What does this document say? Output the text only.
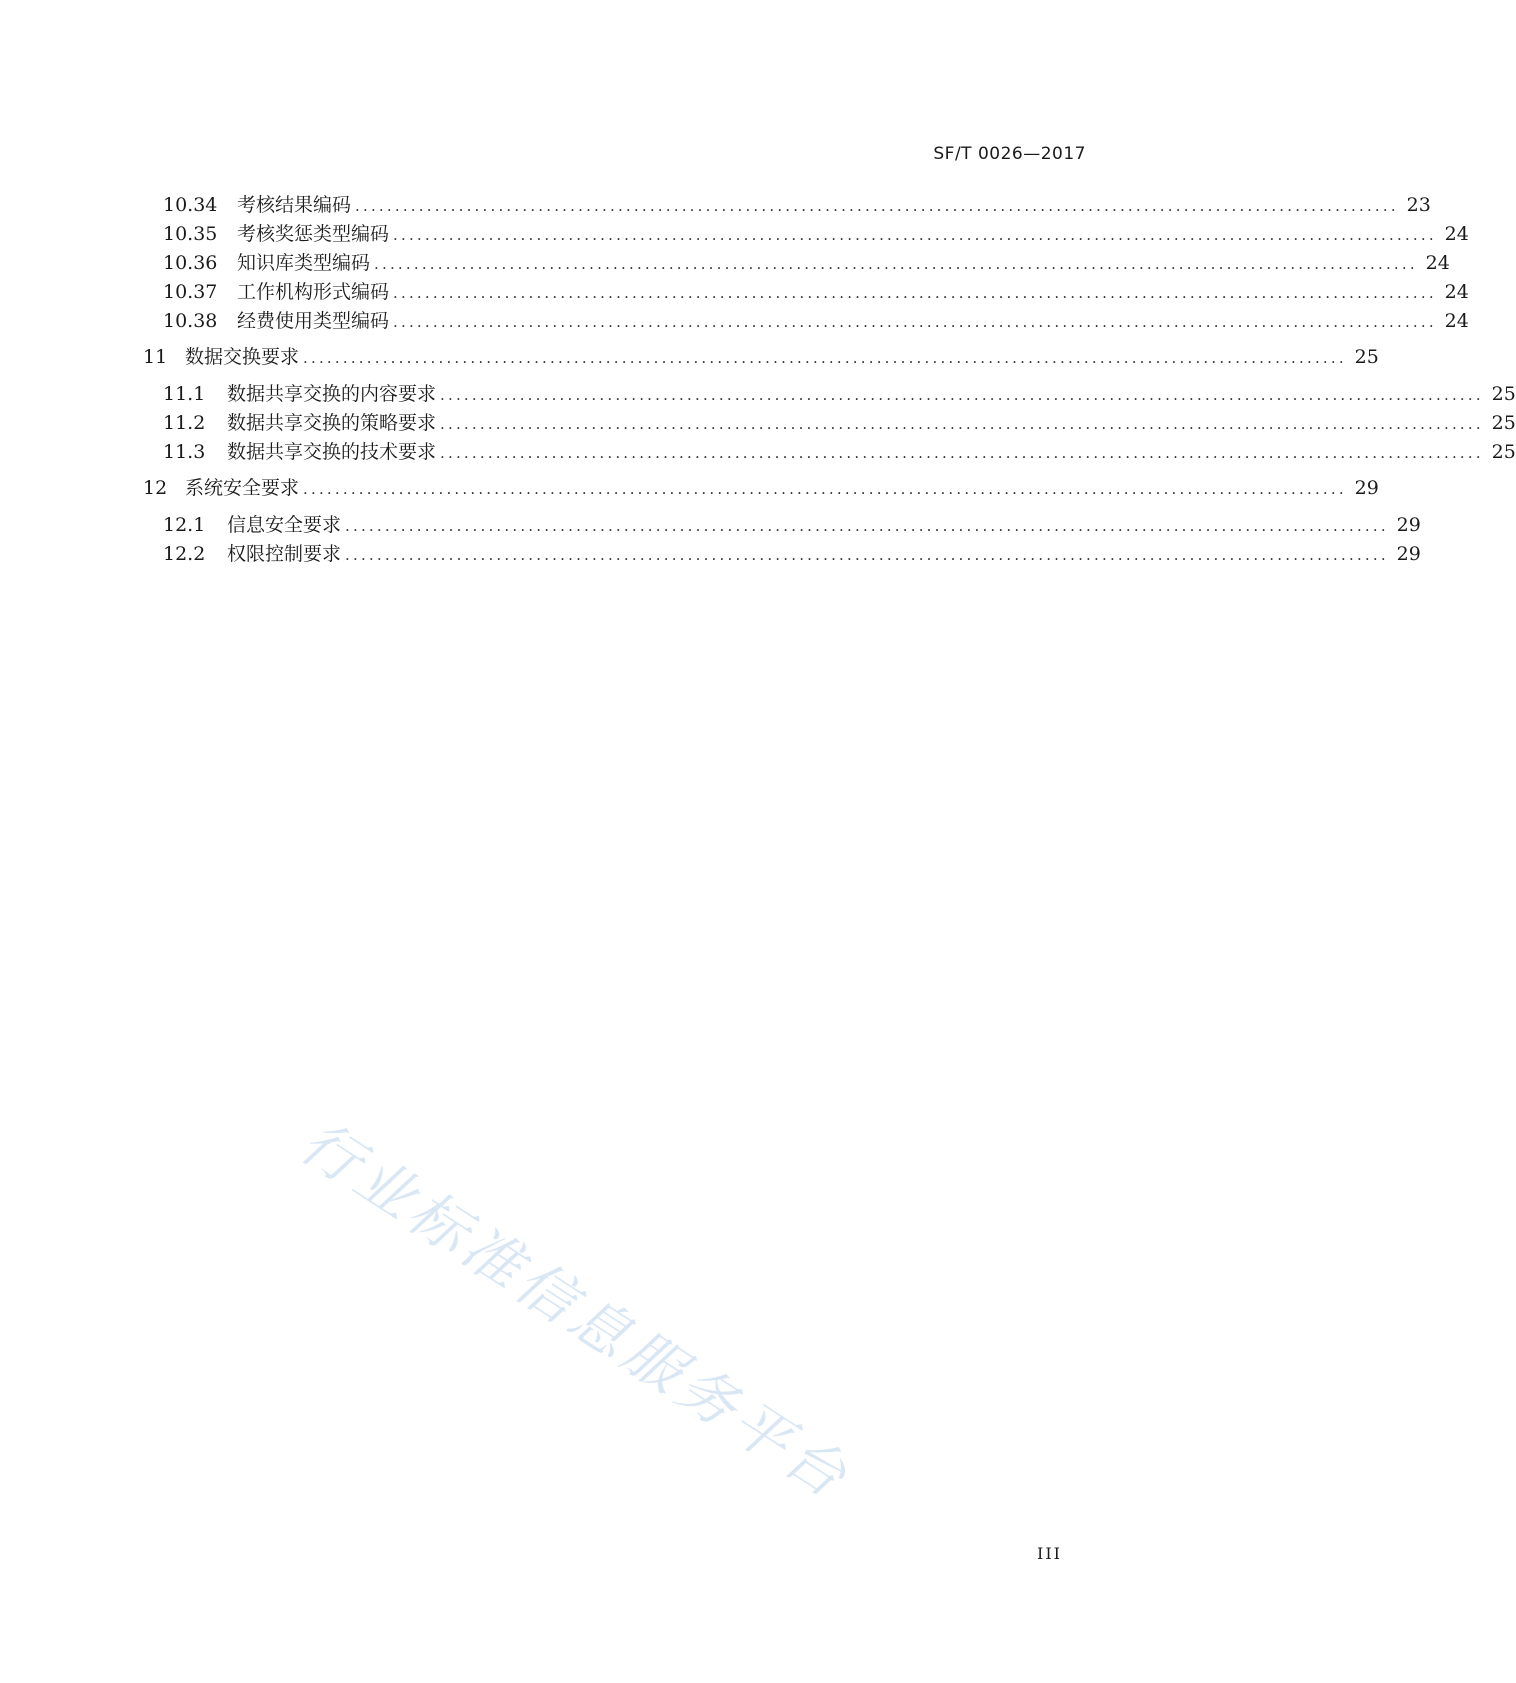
SF/T 0026—2017
10.34	考核结果编码 ................................................................................................................................... 23
10.35	考核奖惩类型编码 ................................................................................................................................... 24
10.36	知识库类型编码 ................................................................................................................................... 24
10.37	工作机构形式编码 ................................................................................................................................... 24
10.38	经费使用类型编码 ................................................................................................................................... 24
11 数据交换要求 ................................................................................................................................... 25
11.1	数据共享交换的内容要求 ................................................................................................................................... 25
11.2	数据共享交换的策略要求 ................................................................................................................................... 25
11.3	数据共享交换的技术要求 ................................................................................................................................... 25
12 系统安全要求 ................................................................................................................................... 29
12.1	信息安全要求 ................................................................................................................................... 29
12.2	权限控制要求 ................................................................................................................................... 29
行业标准信息服务平台
III
